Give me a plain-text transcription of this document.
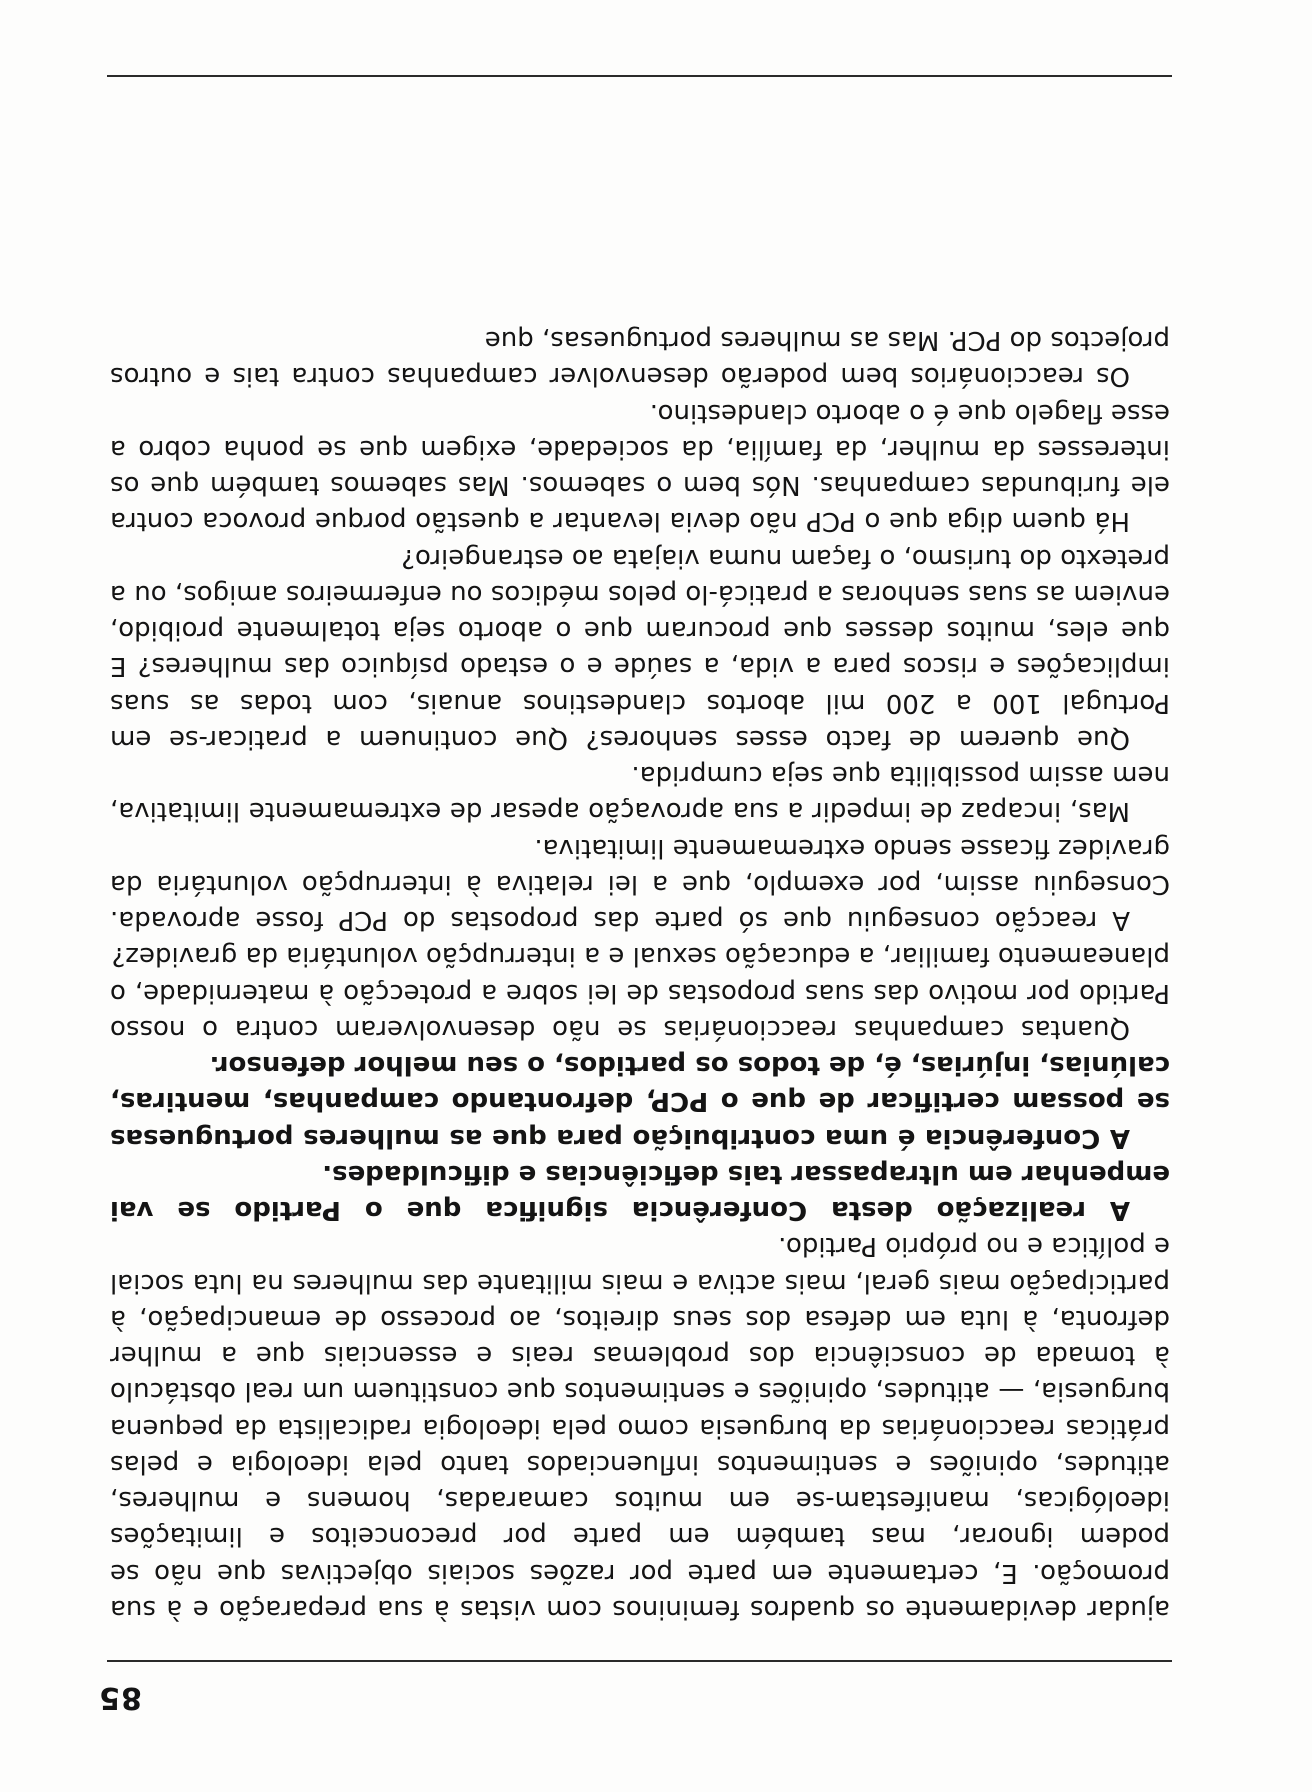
85

ajudar devidamente os quadros femininos com vistas à sua preparação e à sua promoção. E, certamente em parte por razões sociais objectivas que não se podem ignorar, mas também em parte por preconceitos e limitações ideológicas, manifestam-se em muitos camaradas, homens e mulheres, atitudes, opiniões e sentimentos influenciados tanto pela ideologia e pelas práticas reaccionárias da burguesia como pela ideologia radicalista da pequena burguesia, — atitudes, opiniões e sentimentos que constituem um real obstáculo à tomada de consciência dos problemas reais e essenciais que a mulher defronta, à luta em defesa dos seus direitos, ao processo de emancipação, à participação mais geral, mais activa e mais militante das mulheres na luta social e política e no próprio Partido.

A realização desta Conferência significa que o Partido se vai empenhar em ultrapassar tais deficiências e dificuldades.

A Conferência é uma contribuição para que as mulheres portuguesas se possam certificar de que o PCP, defrontando campanhas, mentiras, calúnias, injúrias, é, de todos os partidos, o seu melhor defensor.

Quantas campanhas reaccionárias se não desenvolveram contra o nosso Partido por motivo das suas propostas de lei sobre a protecção à maternidade, o planeamento familiar, a educação sexual e a interrupção voluntária da gravidez?

A reacção conseguiu que só parte das propostas do PCP fosse aprovada. Conseguiu assim, por exemplo, que a lei relativa à interrupção voluntária da gravidez ficasse sendo extremamente limitativa.

Mas, incapaz de impedir a sua aprovação apesar de extremamente limitativa, nem assim possibilita que seja cumprida.

Que querem de facto esses senhores? Que continuem a praticar-se em Portugal 100 a 200 mil abortos clandestinos anuais, com todas as suas implicações e riscos para a vida, a saúde e o estado psíquico das mulheres? E que eles, muitos desses que procuram que o aborto seja totalmente proibido, enviem as suas senhoras a praticá-lo pelos médicos ou enfermeiros amigos, ou a pretexto do turismo, o façam numa viajata ao estrangeiro?

Há quem diga que o PCP não devia levantar a questão porque provoca contra ele furibundas campanhas. Nós bem o sabemos. Mas sabemos também que os interesses da mulher, da família, da sociedade, exigem que se ponha cobro a esse flagelo que é o aborto clandestino.

Os reaccionários bem poderão desenvolver campanhas contra tais e outros projectos do PCP. Mas as mulheres portuguesas, que
